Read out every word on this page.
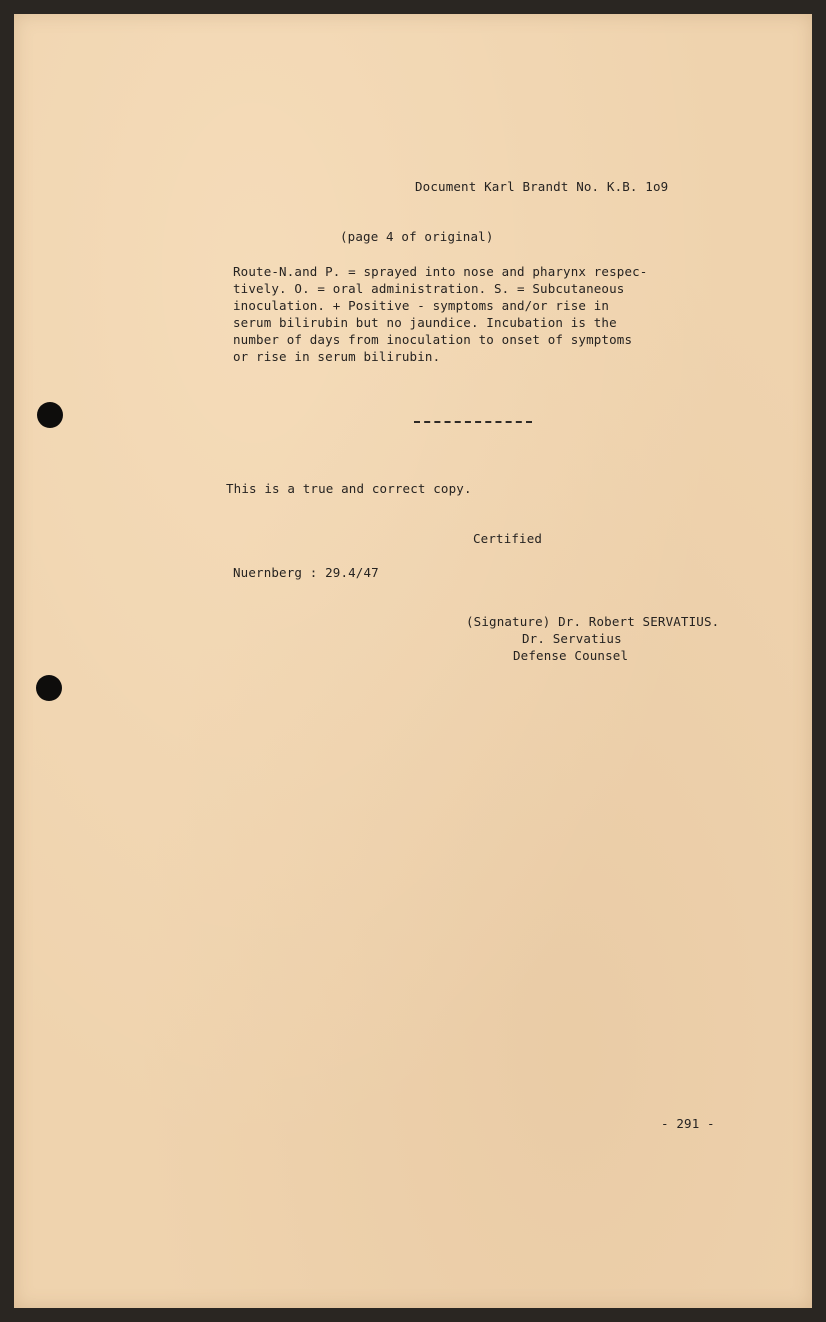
Document Karl Brandt No. K.B. 1o9

(page 4 of original)

Route-N.and P. = sprayed into nose and pharynx respec-

tively. O. = oral administration. S. = Subcutaneous

inoculation. + Positive - symptoms and/or rise in

serum bilirubin but no jaundice. Incubation is the

number of days from inoculation to onset of symptoms

or rise in serum bilirubin.

This is a true and correct copy.

Certified

Nuernberg : 29.4/47

(Signature) Dr. Robert SERVATIUS.

Dr. Servatius

Defense Counsel

- 291 -
